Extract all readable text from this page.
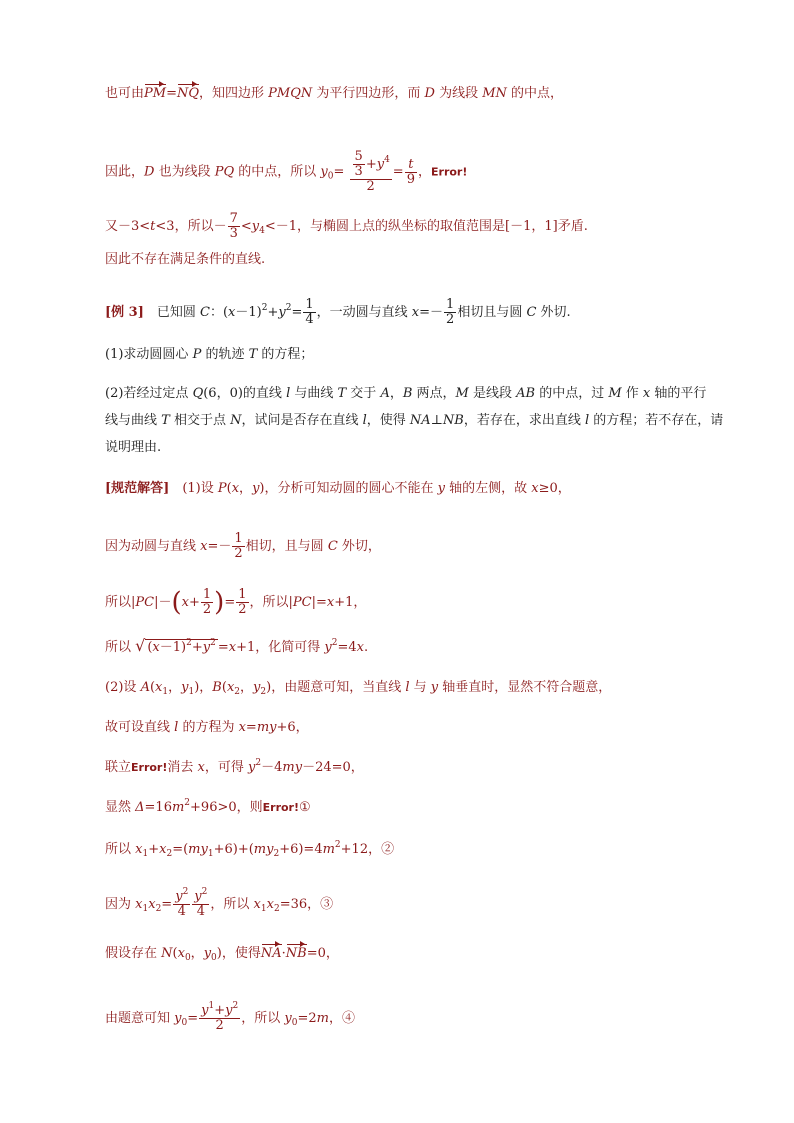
也可由PM=NQ，知四边形 PMQN 为平行四边形，而 D 为线段 MN 的中点，
因此，D 也为线段 PQ 的中点，所以 $y_0= \frac{\frac{5}{3} +y^4}{2} = \frac{t}{9}$ ，Error!
又－3<t<3，所以－ $\frac{7}{3} <y_4<-1$，与椭圆上点的纵坐标的取值范围是[－1，1]矛盾.
因此不存在满足条件的直线.
[例 3]　已知圆 C：$(x-1)^2+y^2= \frac{1}{4}$ ，一动圆与直线 $x=- \frac{1}{2}$ 相切且与圆 C 外切.
(1)求动圆圆心 P 的轨迹 T 的方程；
(2)若经过定点 Q(6，0)的直线 l 与曲线 T 交于 A，B 两点，M 是线段 AB 的中点，过 M 作 x 轴的平行
线与曲线 T 相交于点 N，试问是否存在直线 l，使得 NA⊥NB，若存在，求出直线 l 的方程；若不存在，请
说明理由.
[规范解答]　(1)设 P(x，y)，分析可知动圆的圆心不能在 y 轴的左侧，故 x≥0，
因为动圆与直线 $x=- \frac{1}{2}$ 相切，且与圆 C 外切，
所以$|PC|-(x+ \frac{1}{2}$ )= $\frac{1}{2}$ ，所以|PC|=x+1，
所以 √ $(x-1)^2+y^2 =x+1$，化简可得 $y^2=4x$.
(2)设 $A(x_1$，$y_1$)，$B(x_2$，$y_2$)，由题意可知，当直线 l 与 y 轴垂直时，显然不符合题意，
故可设直线 l 的方程为 x=my+6，
联立Error!消去 x，可得 $y^2-4my-24=0$，
显然 $\Delta=16m^2+96>0$，则Error!①
所以 $x_1+x_2=(my_1+6)+(my_2+6)=4m^2+12$，②
因为 $x_1x_2= \frac{y^2}{4} \frac{y^2}{4}$ ，所以 $x_1x_2=36$，③
假设存在 $N(x_0$，$y_0$)，使得NA·NB=0，
由题意可知 $y_0= \frac{y^1+y^2}{2}$ ，所以 $y_0=2m$，④
